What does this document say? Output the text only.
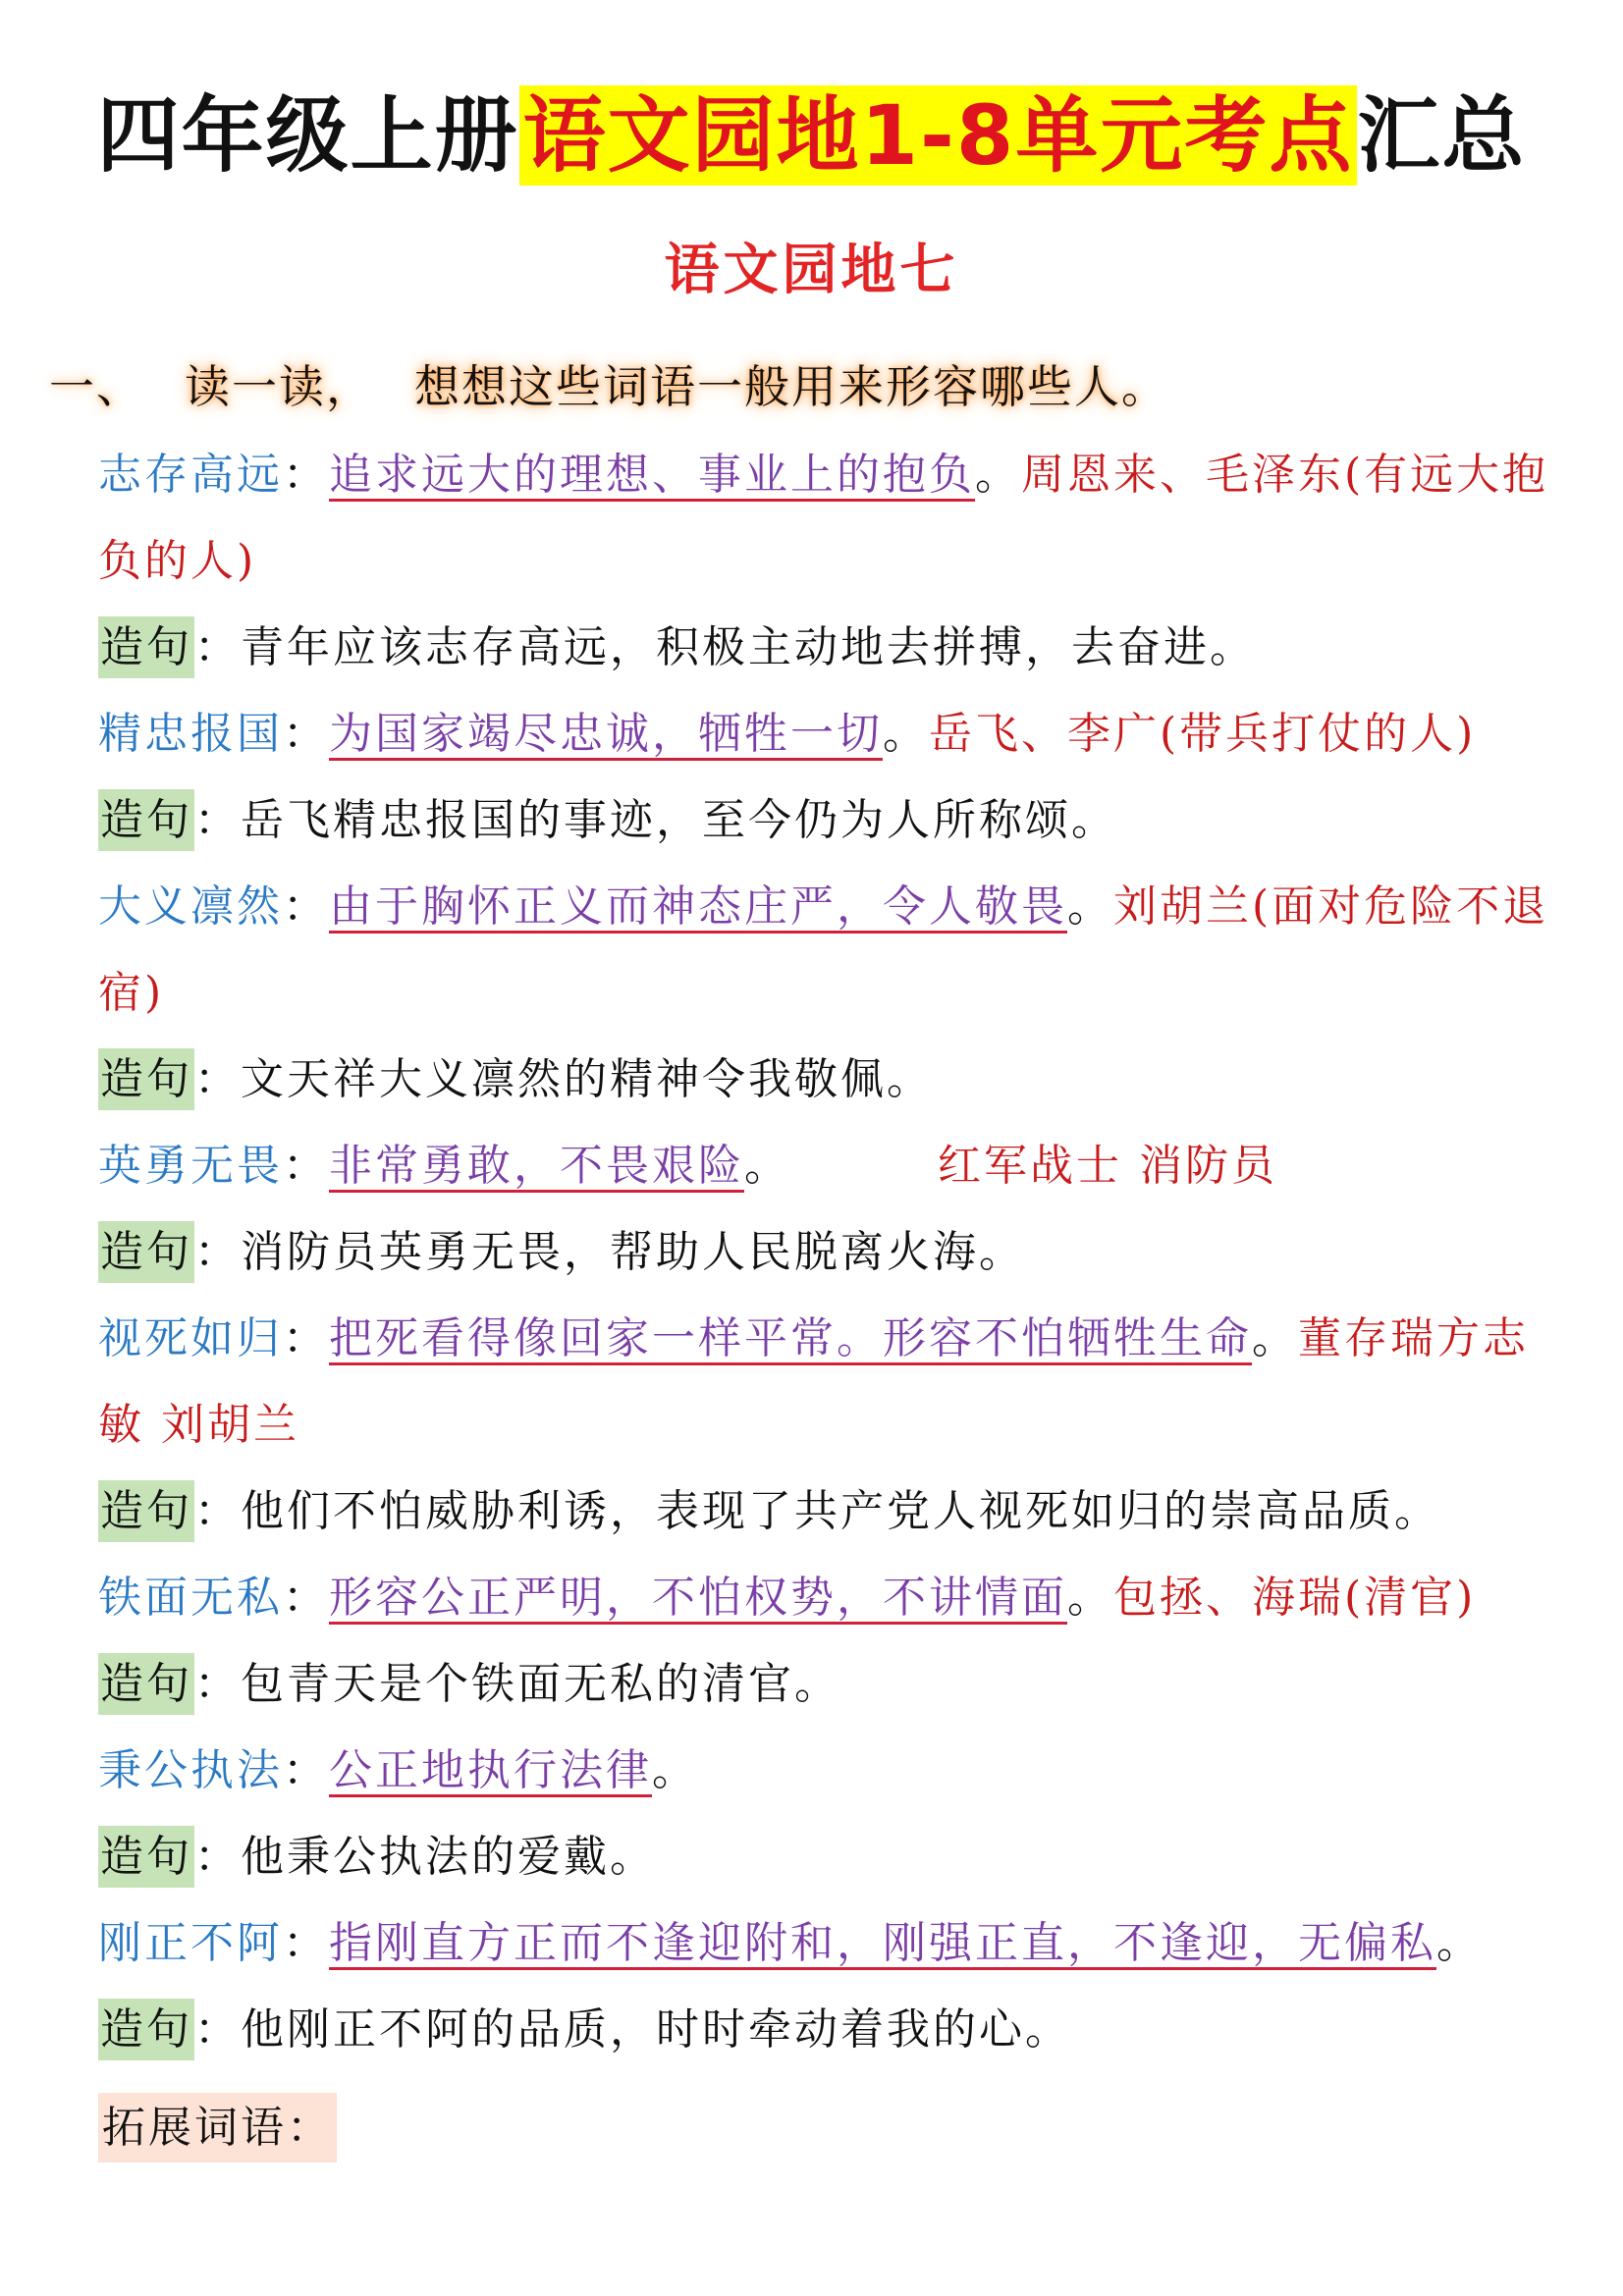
四年级上册语文园地1-8单元考点汇总
语文园地七
一、 读一读， 想想这些词语一般用来形容哪些人。

志存高远：追求远大的理想、事业上的抱负。周恩来、毛泽东(有远大抱负的人)

造句：青年应该志存高远，积极主动地去拼搏，去奋进。

精忠报国：为国家竭尽忠诚，牺牲一切。岳飞、李广(带兵打仗的人)

造句：岳飞精忠报国的事迹，至今仍为人所称颂。

大义凛然：由于胸怀正义而神态庄严，令人敬畏。刘胡兰(面对危险不退宿)

造句：文天祥大义凛然的精神令我敬佩。

英勇无畏：非常勇敢，不畏艰险。	红军战士 消防员

造句：消防员英勇无畏，帮助人民脱离火海。

视死如归：把死看得像回家一样平常。形容不怕牺牲生命。董存瑞方志敏 刘胡兰

造句：他们不怕威胁利诱，表现了共产党人视死如归的崇高品质。

铁面无私：形容公正严明，不怕权势，不讲情面。包拯、海瑞(清官)

造句：包青天是个铁面无私的清官。

秉公执法：公正地执行法律。

造句：他秉公执法的爱戴。

刚正不阿：指刚直方正而不逢迎附和，刚强正直，不逢迎，无偏私。

造句：他刚正不阿的品质，时时牵动着我的心。

拓展词语：
